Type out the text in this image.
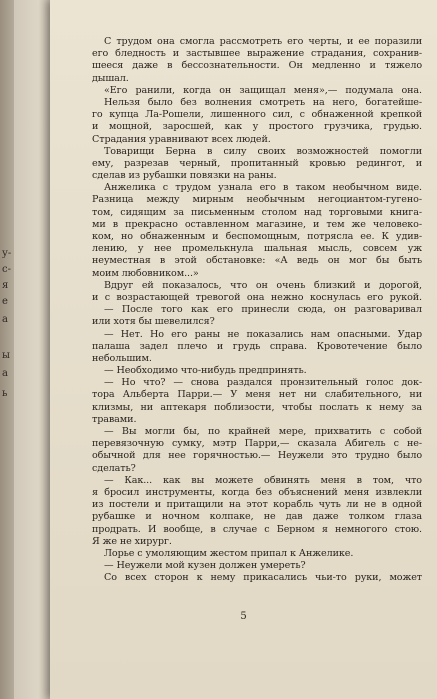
у-
с-
я
е
а
ы
а
ь
С трудом она смогла рассмотреть его черты, и ее поразили
его бледность и застывшее выражение страдания, сохранив-
шееся даже в бессознательности. Он медленно и тяжело
дышал.
«Его ранили, когда он защищал меня»,— подумала она.
Нельзя было без волнения смотреть на него, богатейше-
го купца Ла-Рошели, лишенного сил, с обнаженной крепкой
и мощной, заросшей, как у простого грузчика, грудью.
Страдания уравнивают всех людей.
Товарищи Берна в силу своих возможностей помогли
ему, разрезав черный, пропитанный кровью редингот, и
сделав из рубашки повязки на раны.
Анжелика с трудом узнала его в таком необычном виде.
Разница между мирным необычным негоциантом-гугено-
том, сидящим за письменным столом над торговыми книга-
ми в прекрасно оставленном магазине, и тем же человеко-
ком, но обнаженным и беспомощным, потрясла ее. К удив-
лению, у нее промелькнула шальная мысль, совсем уж
неуместная в этой обстановке: «А ведь он мог бы быть
моим любовником...»
Вдруг ей показалось, что он очень близкий и дорогой,
и с возрастающей тревогой она нежно коснулась его рукой.
— После того как его принесли сюда, он разговаривал
или хотя бы шевелился?
— Нет. Но его раны не показались нам опасными. Удар
палаша задел плечо и грудь справа. Кровотечение было
небольшим.
— Необходимо что-нибудь предпринять.
— Но что? — снова раздался пронзительный голос док-
тора Альберта Парри.— У меня нет ни слабительного, ни
клизмы, ни аптекаря поблизости, чтобы послать к нему за
травами.
— Вы могли бы, по крайней мере, прихватить с собой
перевязочную сумку, мэтр Парри,— сказала Абигель с не-
обычной для нее горячностью.— Неужели это трудно было
сделать?
— Как... как вы можете обвинять меня в том, что
я бросил инструменты, когда без объяснений меня извлекли
из постели и притащили на этот корабль чуть ли не в одной
рубашке и ночном колпаке, не дав даже толком глаза
продрать. И вообще, в случае с Берном я немногого стою.
Я же не хирург.
Лорье с умоляющим жестом припал к Анжелике.
— Неужели мой кузен должен умереть?
Со всех сторон к нему прикасались чьи-то руки, может
5
